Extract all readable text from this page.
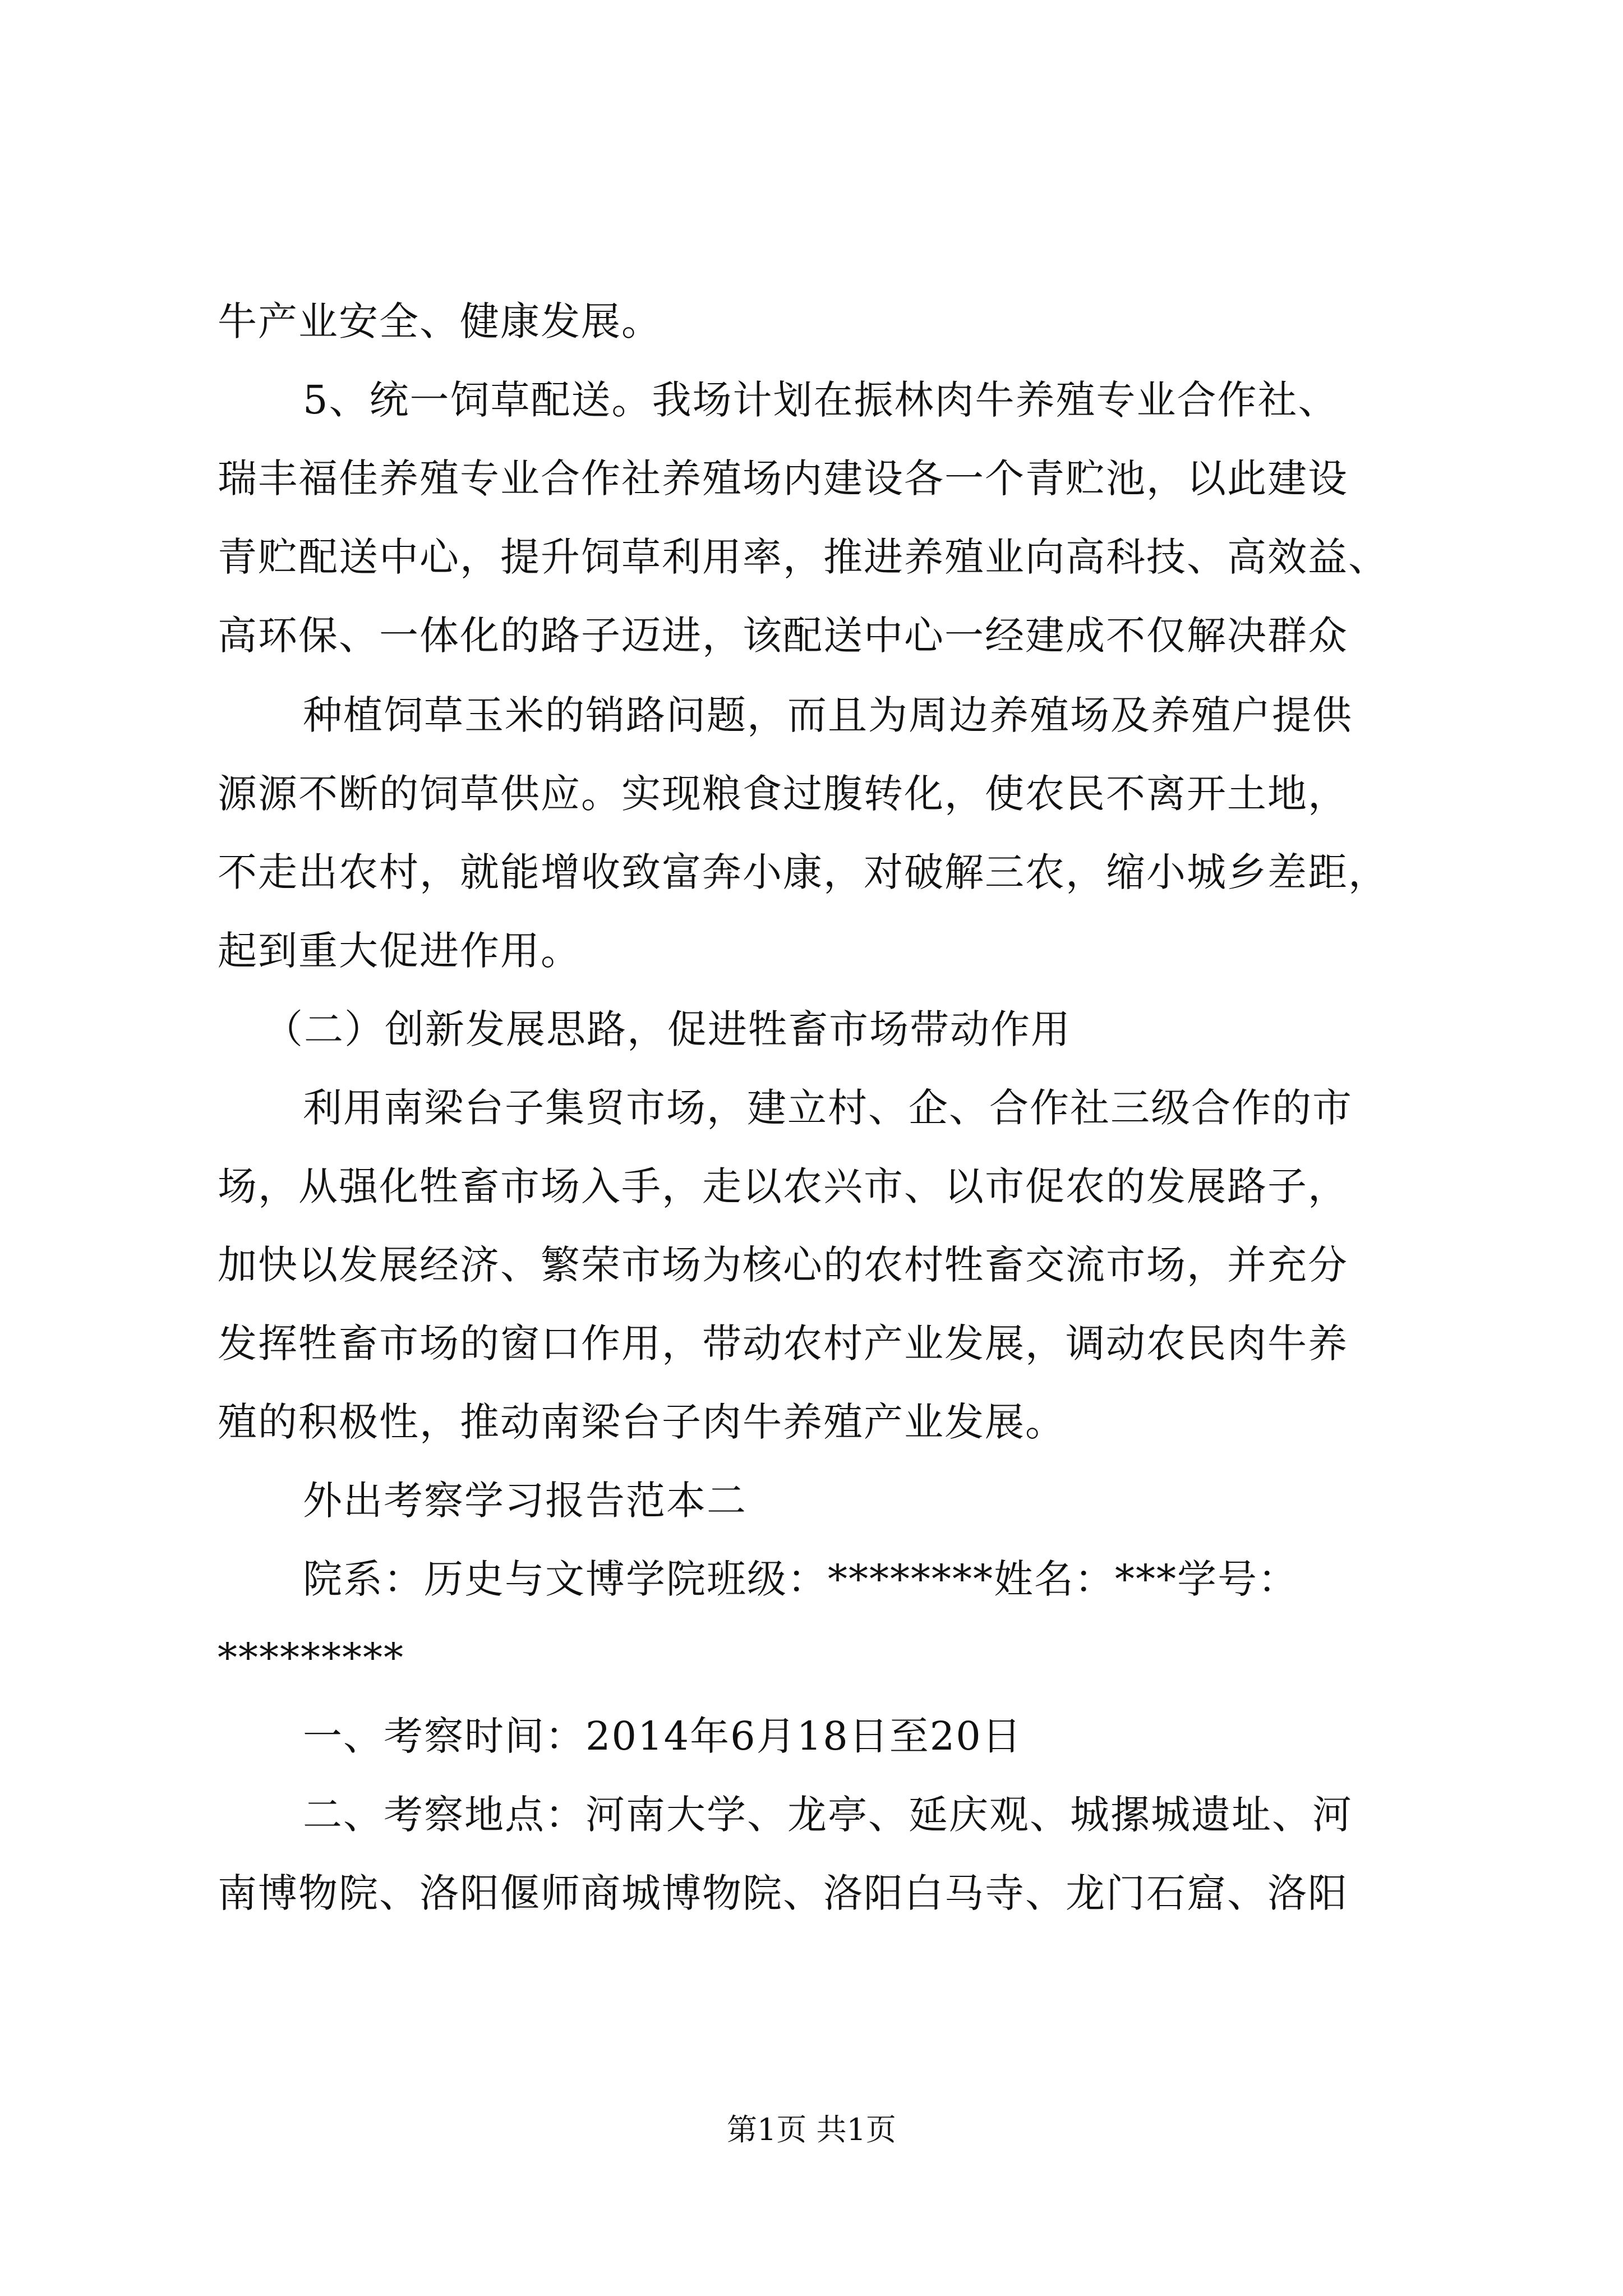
牛产业安全、健康发展。
5、统一饲草配送。我场计划在振林肉牛养殖专业合作社、
瑞丰福佳养殖专业合作社养殖场内建设各一个青贮池，以此建设
青贮配送中心，提升饲草利用率，推进养殖业向高科技、高效益、
高环保、一体化的路子迈进，该配送中心一经建成不仅解决群众
种植饲草玉米的销路问题，而且为周边养殖场及养殖户提供
源源不断的饲草供应。实现粮食过腹转化，使农民不离开土地，
不走出农村，就能增收致富奔小康，对破解三农，缩小城乡差距，
起到重大促进作用。
（二）创新发展思路，促进牲畜市场带动作用
利用南梁台子集贸市场，建立村、企、合作社三级合作的市
场，从强化牲畜市场入手，走以农兴市、以市促农的发展路子，
加快以发展经济、繁荣市场为核心的农村牲畜交流市场，并充分
发挥牲畜市场的窗口作用，带动农村产业发展，调动农民肉牛养
殖的积极性，推动南梁台子肉牛养殖产业发展。
外出考察学习报告范本二
院系：历史与文博学院班级：********姓名：***学号：
*********
一、考察时间：2014年6月18日至20日
二、考察地点：河南大学、龙亭、延庆观、城摞城遗址、河
南博物院、洛阳偃师商城博物院、洛阳白马寺、龙门石窟、洛阳
第1页 共1页
